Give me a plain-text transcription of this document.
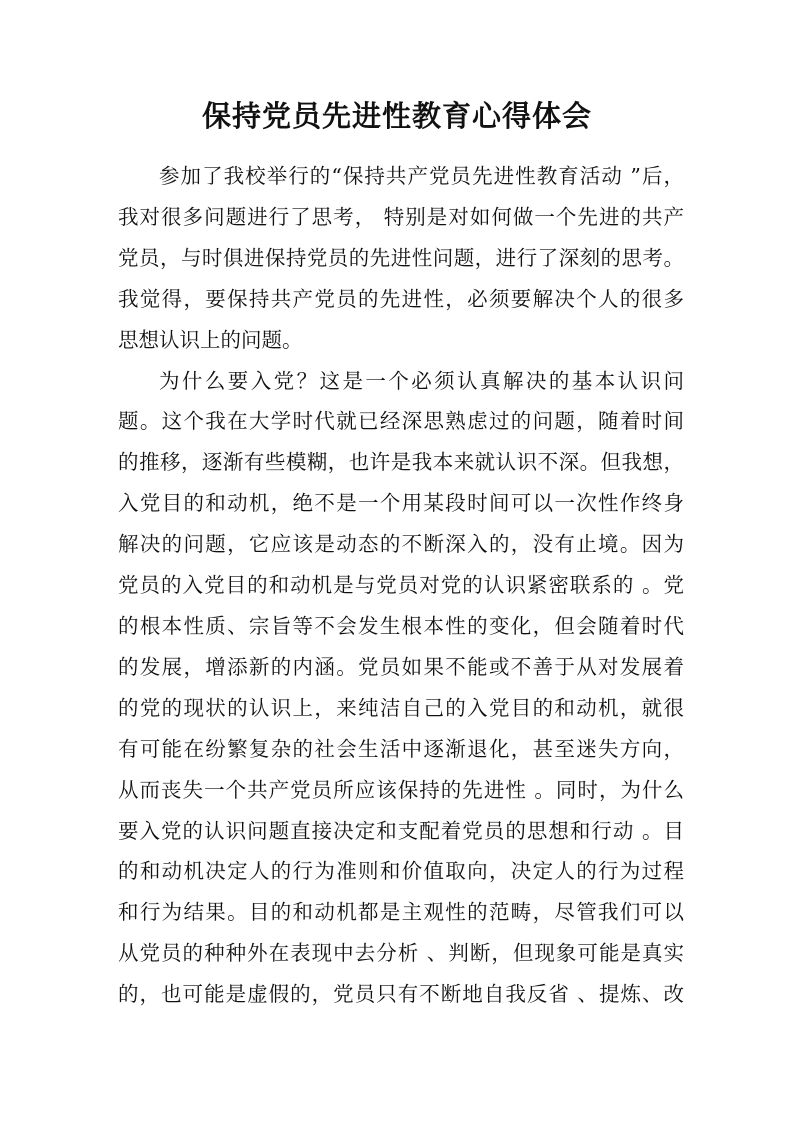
保持党员先进性教育心得体会
参加了我校举行的“保持共产党员先进性教育活动 ”后，
我对很多问题进行了思考， 特别是对如何做一个先进的共产
党员，与时俱进保持党员的先进性问题，进行了深刻的思考。
我觉得，要保持共产党员的先进性，必须要解决个人的很多
思想认识上的问题。
为什么要入党？这是一个必须认真解决的基本认识问
题。这个我在大学时代就已经深思熟虑过的问题，随着时间
的推移，逐渐有些模糊，也许是我本来就认识不深。但我想，
入党目的和动机，绝不是一个用某段时间可以一次性作终身
解决的问题，它应该是动态的不断深入的，没有止境。因为
党员的入党目的和动机是与党员对党的认识紧密联系的 。党
的根本性质、宗旨等不会发生根本性的变化，但会随着时代
的发展，增添新的内涵。党员如果不能或不善于从对发展着
的党的现状的认识上，来纯洁自己的入党目的和动机，就很
有可能在纷繁复杂的社会生活中逐渐退化，甚至迷失方向，
从而丧失一个共产党员所应该保持的先进性 。同时，为什么
要入党的认识问题直接决定和支配着党员的思想和行动 。目
的和动机决定人的行为准则和价值取向，决定人的行为过程
和行为结果。目的和动机都是主观性的范畴，尽管我们可以
从党员的种种外在表现中去分析 、判断，但现象可能是真实
的，也可能是虚假的，党员只有不断地自我反省 、提炼、改
